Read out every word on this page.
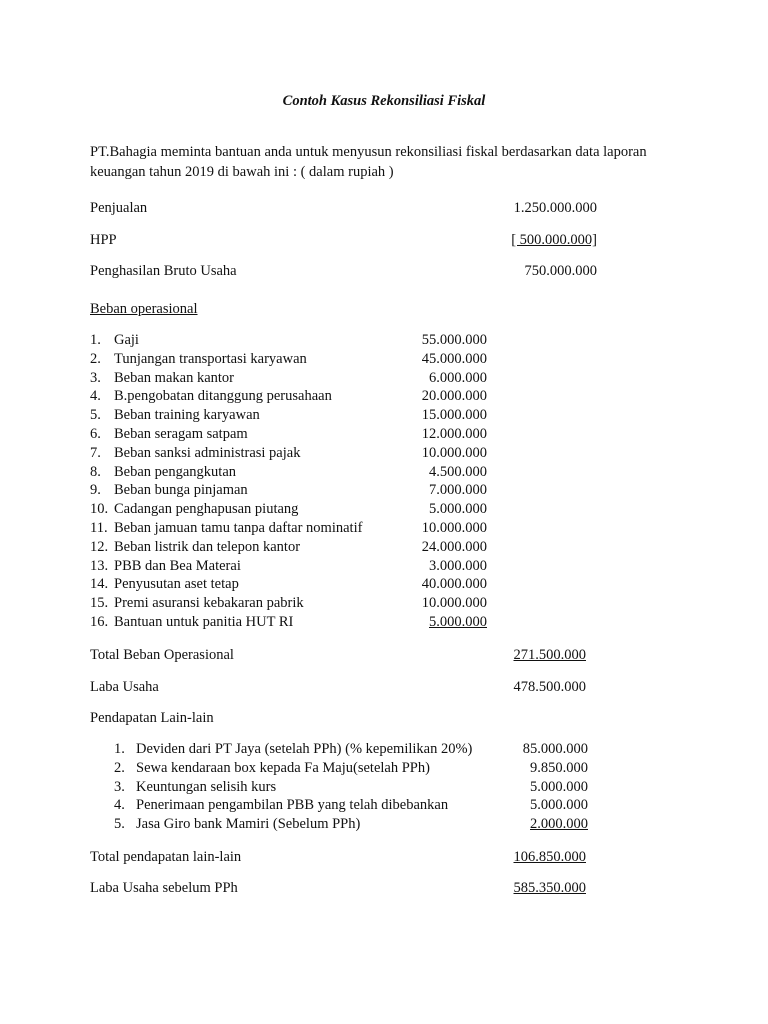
Contoh Kasus Rekonsiliasi Fiskal
PT.Bahagia meminta bantuan anda untuk menyusun rekonsiliasi fiskal berdasarkan data laporan keuangan tahun 2019 di bawah ini : ( dalam rupiah )
Penjualan	1.250.000.000
HPP	[ 500.000.000]
Penghasilan Bruto Usaha	750.000.000
Beban operasional
1. Gaji	55.000.000
2. Tunjangan transportasi karyawan	45.000.000
3. Beban makan kantor	6.000.000
4. B.pengobatan ditanggung perusahaan	20.000.000
5. Beban training karyawan	15.000.000
6. Beban seragam satpam	12.000.000
7. Beban sanksi administrasi pajak	10.000.000
8. Beban pengangkutan	4.500.000
9. Beban bunga pinjaman	7.000.000
10. Cadangan penghapusan piutang	5.000.000
11. Beban jamuan tamu tanpa daftar nominatif	10.000.000
12. Beban listrik dan telepon kantor	24.000.000
13. PBB dan Bea Materai	3.000.000
14. Penyusutan aset tetap	40.000.000
15. Premi asuransi kebakaran pabrik	10.000.000
16. Bantuan untuk panitia HUT RI	5.000.000
Total Beban Operasional	271.500.000
Laba Usaha	478.500.000
Pendapatan Lain-lain
1. Deviden dari PT Jaya (setelah PPh) (% kepemilikan 20%)	85.000.000
2. Sewa kendaraan box kepada Fa Maju(setelah PPh)	9.850.000
3. Keuntungan selisih kurs	5.000.000
4. Penerimaan pengambilan PBB yang telah dibebankan	5.000.000
5. Jasa Giro bank Mamiri (Sebelum PPh)	2.000.000
Total pendapatan lain-lain	106.850.000
Laba Usaha sebelum PPh	585.350.000
